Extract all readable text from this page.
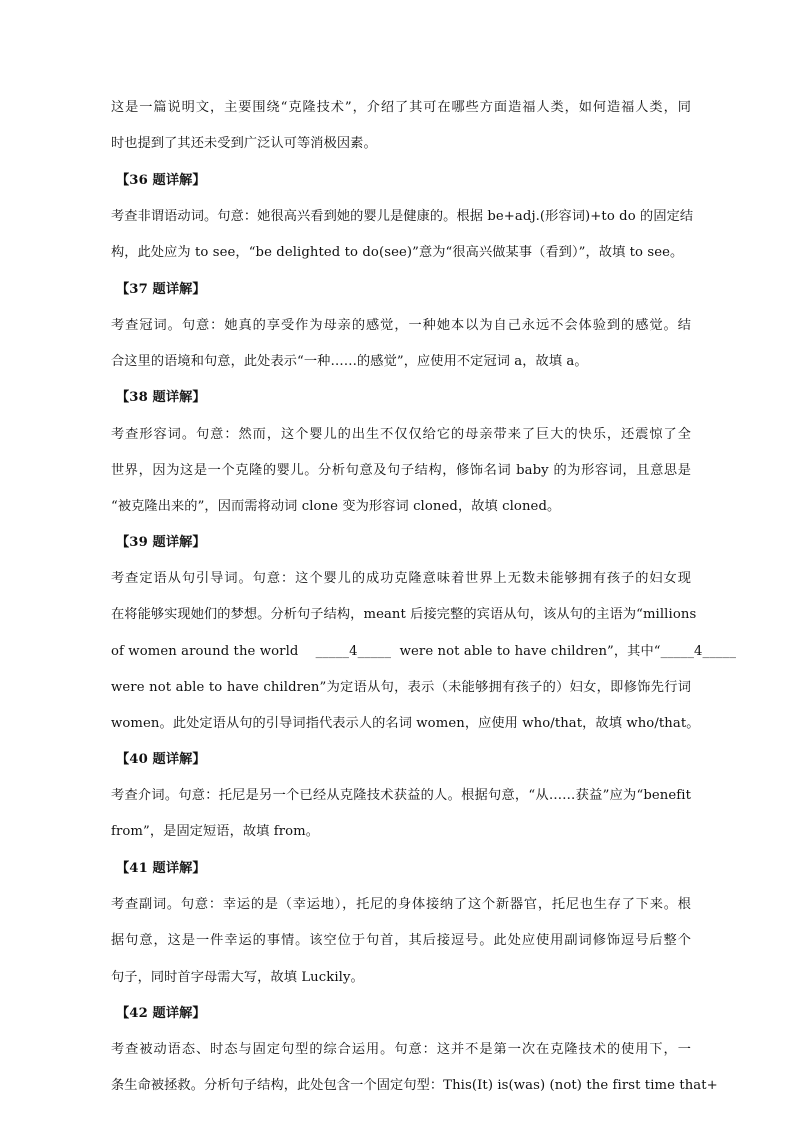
这是一篇说明文，主要围绕“克隆技术”，介绍了其可在哪些方面造福人类，如何造福人类，同
时也提到了其还未受到广泛认可等消极因素。
【36 题详解】
考查非谓语动词。句意：她很高兴看到她的婴儿是健康的。根据 be+adj.(形容词)+to do 的固定结
构，此处应为 to see，“be delighted to do(see)”意为“很高兴做某事（看到）”，故填 to see。
【37 题详解】
考查冠词。句意：她真的享受作为母亲的感觉，一种她本以为自己永远不会体验到的感觉。结
合这里的语境和句意，此处表示“一种……的感觉”，应使用不定冠词 a，故填 a。
【38 题详解】
考查形容词。句意：然而，这个婴儿的出生不仅仅给它的母亲带来了巨大的快乐，还震惊了全
世界，因为这是一个克隆的婴儿。分析句意及句子结构，修饰名词 baby 的为形容词，且意思是
“被克隆出来的”，因而需将动词 clone 变为形容词 cloned，故填 cloned。
【39 题详解】
考查定语从句引导词。句意：这个婴儿的成功克隆意味着世界上无数未能够拥有孩子的妇女现
在将能够实现她们的梦想。分析句子结构，meant 后接完整的宾语从句，该从句的主语为“millions
of women around the world    _____4_____  were not able to have children”，其中“_____4_____
were not able to have children”为定语从句，表示（未能够拥有孩子的）妇女，即修饰先行词
women。此处定语从句的引导词指代表示人的名词 women，应使用 who/that，故填 who/that。
【40 题详解】
考查介词。句意：托尼是另一个已经从克隆技术获益的人。根据句意，“从……获益”应为“benefit
from”，是固定短语，故填 from。
【41 题详解】
考查副词。句意：幸运的是（幸运地），托尼的身体接纳了这个新器官，托尼也生存了下来。根
据句意，这是一件幸运的事情。该空位于句首，其后接逗号。此处应使用副词修饰逗号后整个
句子，同时首字母需大写，故填 Luckily。
【42 题详解】
考查被动语态、时态与固定句型的综合运用。句意：这并不是第一次在克隆技术的使用下，一
条生命被拯救。分析句子结构，此处包含一个固定句型：This(It) is(was) (not) the first time that+
